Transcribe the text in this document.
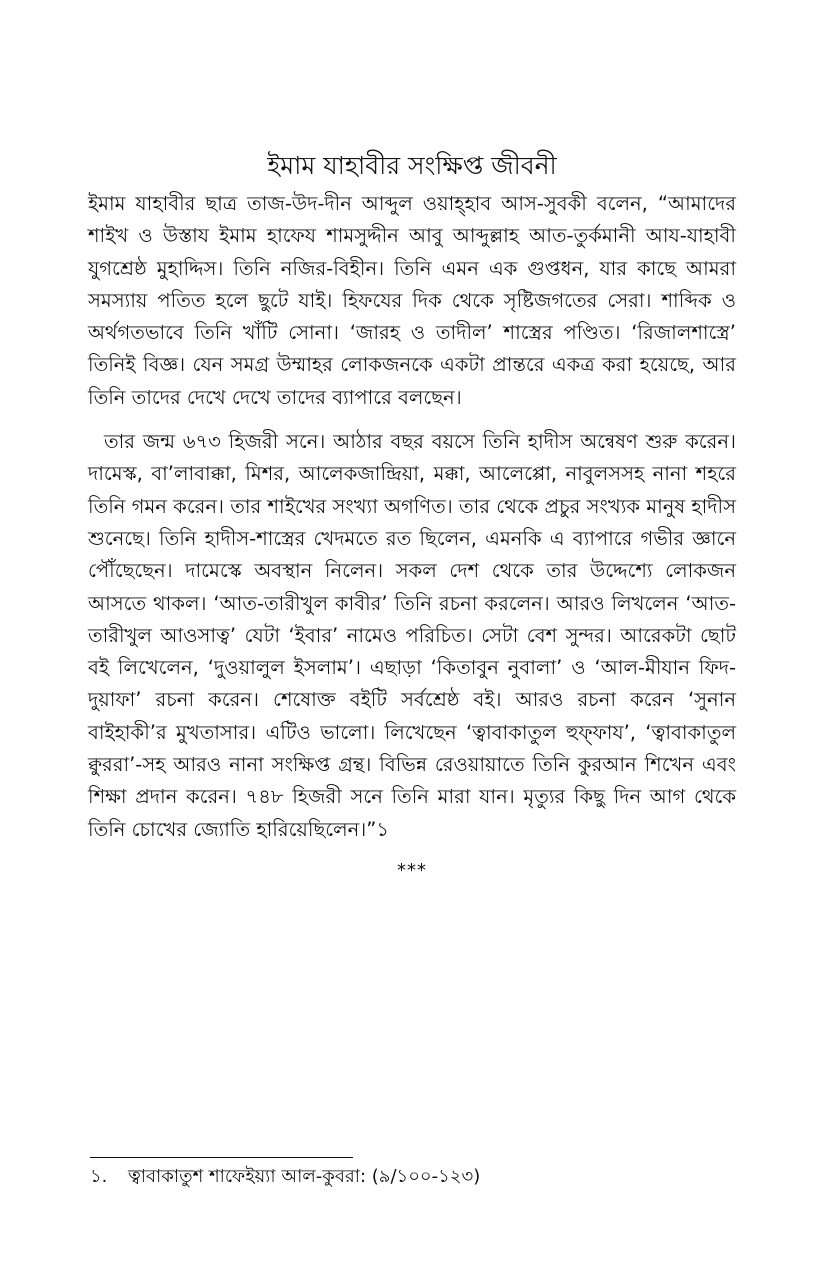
ইমাম যাহাবীর সংক্ষিপ্ত জীবনী

ইমাম যাহাবীর ছাত্র তাজ-উদ-দীন আব্দুল ওয়াহ্হাব আস-সুবকী বলেন, “আমাদের শাইখ ও উস্তায ইমাম হাফেয শামসুদ্দীন আবু আব্দুল্লাহ আত-তুর্কমানী আয-যাহাবী যুগশ্রেষ্ঠ মুহাদ্দিস। তিনি নজির-বিহীন। তিনি এমন এক গুপ্তধন, যার কাছে আমরা সমস্যায় পতিত হলে ছুটে যাই। হিফযের দিক থেকে সৃষ্টিজগতের সেরা। শাব্দিক ও অর্থগতভাবে তিনি খাঁটি সোনা। ‘জারহ ও তাদীল’ শাস্ত্রের পণ্ডিত। ‘রিজালশাস্ত্রে’ তিনিই বিজ্ঞ। যেন সমগ্র উম্মাহর লোকজনকে একটা প্রান্তরে একত্র করা হয়েছে, আর তিনি তাদের দেখে দেখে তাদের ব্যাপারে বলছেন।

তার জন্ম ৬৭৩ হিজরী সনে। আঠার বছর বয়সে তিনি হাদীস অন্বেষণ শুরু করেন। দামেস্ক, বা’লাবাক্কা, মিশর, আলেকজান্দ্রিয়া, মক্কা, আলেপ্পো, নাবুলসসহ নানা শহরে তিনি গমন করেন। তার শাইখের সংখ্যা অগণিত। তার থেকে প্রচুর সংখ্যক মানুষ হাদীস শুনেছে। তিনি হাদীস-শাস্ত্রের খেদমতে রত ছিলেন, এমনকি এ ব্যাপারে গভীর জ্ঞানে পৌঁছেছেন। দামেস্কে অবস্থান নিলেন। সকল দেশ থেকে তার উদ্দেশ্যে লোকজন আসতে থাকল। ‘আত-তারীখুল কাবীর’ তিনি রচনা করলেন। আরও লিখলেন ‘আত-তারীখুল আওসাত্ব’ যেটা ‘ইবার’ নামেও পরিচিত। সেটা বেশ সুন্দর। আরেকটা ছোট বই লিখেলেন, ‘দুওয়ালুল ইসলাম’। এছাড়া ‘কিতাবুন নুবালা’ ও ‘আল-মীযান ফিদ-দুয়াফা’ রচনা করেন। শেষোক্ত বইটি সর্বশ্রেষ্ঠ বই। আরও রচনা করেন ‘সুনান বাইহাকী’র মুখতাসার। এটিও ভালো। লিখেছেন ‘ত্বাবাকাতুল হুফ্ফায’, ‘ত্বাবাকাতুল ক্বুররা’-সহ আরও নানা সংক্ষিপ্ত গ্রন্থ। বিভিন্ন রেওয়ায়াতে তিনি কুরআন শিখেন এবং শিক্ষা প্রদান করেন। ৭৪৮ হিজরী সনে তিনি মারা যান। মৃত্যুর কিছু দিন আগ থেকে তিনি চোখের জ্যোতি হারিয়েছিলেন।”১

***
১. ত্বাবাকাতুশ শাফেইয়্যা আল-কুবরা: (৯/১০০-১২৩)
